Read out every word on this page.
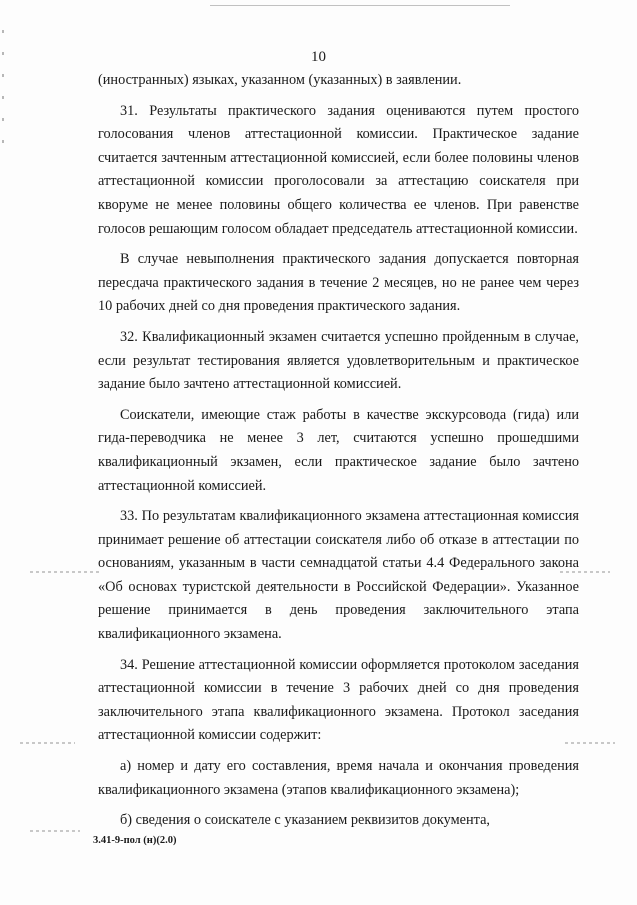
10

(иностранных) языках, указанном (указанных) в заявлении.

31. Результаты практического задания оцениваются путем простого голосования членов аттестационной комиссии. Практическое задание считается зачтенным аттестационной комиссией, если более половины членов аттестационной комиссии проголосовали за аттестацию соискателя при кворуме не менее половины общего количества ее членов. При равенстве голосов решающим голосом обладает председатель аттестационной комиссии.

В случае невыполнения практического задания допускается повторная пересдача практического задания в течение 2 месяцев, но не ранее чем через 10 рабочих дней со дня проведения практического задания.

32. Квалификационный экзамен считается успешно пройденным в случае, если результат тестирования является удовлетворительным и практическое задание было зачтено аттестационной комиссией.

Соискатели, имеющие стаж работы в качестве экскурсовода (гида) или гида-переводчика не менее 3 лет, считаются успешно прошедшими квалификационный экзамен, если практическое задание было зачтено аттестационной комиссией.

33. По результатам квалификационного экзамена аттестационная комиссия принимает решение об аттестации соискателя либо об отказе в аттестации по основаниям, указанным в части семнадцатой статьи 4.4 Федерального закона «Об основах туристской деятельности в Российской Федерации». Указанное решение принимается в день проведения заключительного этапа квалификационного экзамена.

34. Решение аттестационной комиссии оформляется протоколом заседания аттестационной комиссии в течение 3 рабочих дней со дня проведения заключительного этапа квалификационного экзамена. Протокол заседания аттестационной комиссии содержит:

а) номер и дату его составления, время начала и окончания проведения квалификационного экзамена (этапов квалификационного экзамена);

б) сведения о соискателе с указанием реквизитов документа,

3.41-9-пол (н)(2.0)
